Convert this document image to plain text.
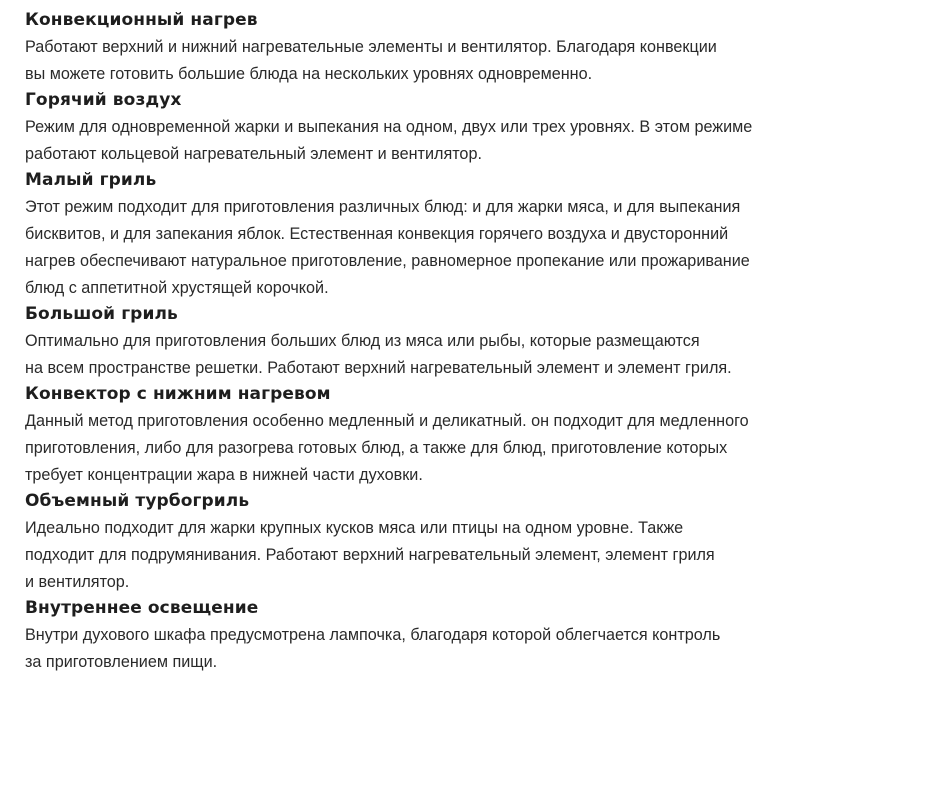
Конвекционный нагрев
Работают верхний и нижний нагревательные элементы и вентилятор. Благодаря конвекции
вы можете готовить большие блюда на нескольких уровнях одновременно.
Горячий воздух
Режим для одновременной жарки и выпекания на одном, двух или трех уровнях. В этом режиме
работают кольцевой нагревательный элемент и вентилятор.
Малый гриль
Этот режим подходит для приготовления различных блюд: и для жарки мяса, и для выпекания
бисквитов, и для запекания яблок. Естественная конвекция горячего воздуха и двусторонний
нагрев обеспечивают натуральное приготовление, равномерное пропекание или прожаривание
блюд с аппетитной хрустящей корочкой.
Большой гриль
Оптимально для приготовления больших блюд из мяса или рыбы, которые размещаются
на всем пространстве решетки. Работают верхний нагревательный элемент и элемент гриля.
Конвектор с нижним нагревом
Данный метод приготовления особенно медленный и деликатный. он подходит для медленного
приготовления, либо для разогрева готовых блюд, а также для блюд, приготовление которых
требует концентрации жара в нижней части духовки.
Объемный турбогриль
Идеально подходит для жарки крупных кусков мяса или птицы на одном уровне. Также
подходит для подрумянивания. Работают верхний нагревательный элемент, элемент гриля
и вентилятор.
Внутреннее освещение
Внутри духового шкафа предусмотрена лампочка, благодаря которой облегчается контроль
за приготовлением пищи.
